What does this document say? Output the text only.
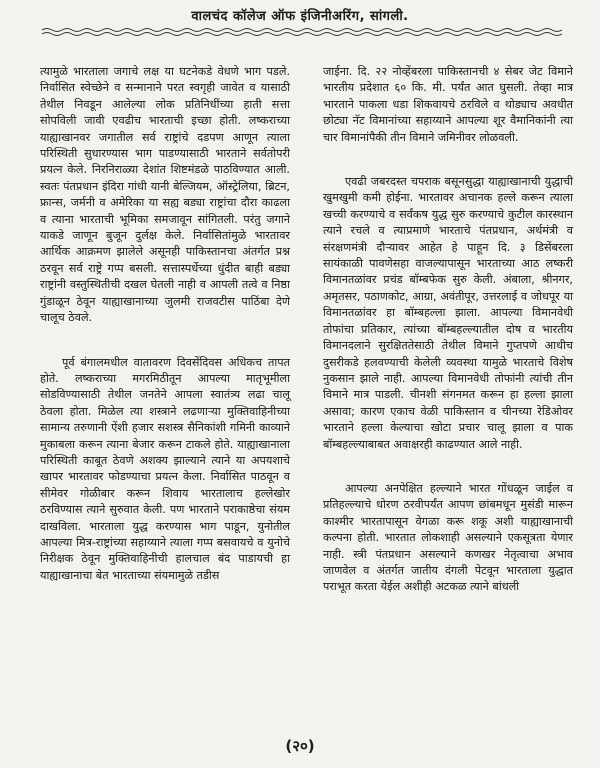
वालचंद कॉलेज ऑफ इंजिनीअरिंग, सांगली.

त्यामुळे भारताला जगाचे लक्ष या घटनेकडे वेधणे भाग पडले. निर्वासित स्वेच्छेने व सन्मानाने परत स्वगृही जावेत व यासाठी तेथील निवडून आलेल्या लोक प्रतिनिधींच्या हाती सत्ता सोपविली जावी एवढीच भारताची इच्छा होती. लष्कराच्या याह्याखानवर जगातील सर्व राष्ट्रांचे दडपण आणून त्याला परिस्थिती सुधारण्यास भाग पाडण्यासाठी भारताने सर्वतोपरी प्रयत्न केले. निरनिराळ्या देशांत शिष्टमंडळे पाठविण्यात आली. स्वतः पंतप्रधान इंदिरा गांधी यानी बेल्जियम, ऑस्ट्रेलिया, ब्रिटन, फ्रान्स, जर्मनी व अमेरिका या सह्य बड्या राष्ट्रांचा दौरा काढला व त्याना भारताची भूमिका समजावून सांगितली. परंतु जगाने याकडे जाणून बुजून दुर्लक्ष केले. निर्वासितांमुळे भारतावर आर्थिक आक्रमण झालेले असूनही पाकिस्तानचा अंतर्गत प्रश्न ठरवून सर्व राष्ट्रे गप्प बसली. सत्तास्पर्धेच्या धुंदीत बाही बड्या राष्ट्रांनी वस्तुस्थितीची दखल घेतली नाही व आपली तत्वे व निष्ठा गुंडाळून ठेवून याह्याखानाच्या जुलमी राजवटीस पाठिंबा देणे चालूच ठेवले.

पूर्व बंगालमधील वातावरण दिवसेंदिवस अधिकच तापत होते. लष्कराच्या मगरमिठीतून आपल्या मातृभूमीला सोडविण्यासाठी तेथील जनतेने आपला स्वातंत्र्य लढा चालू ठेवला होता. मिळेल त्या शस्त्राने लढणाऱ्या मुक्तिवाहिनीच्या सामान्य तरुणानी ऐंशी हजार सशस्त्र सैनिकांशी गमिनी काव्याने मुकाबला करून त्याना बेजार करून टाकले होते. याह्याखानाला परिस्थिती काबूत ठेवणे अशक्य झाल्याने त्याने या अपयशाचे खापर भारतावर फोडण्याचा प्रयत्न केला. निर्वासित पाठवून व सीमेवर गोळीबार करून शिवाय भारतालाच हल्लेखोर ठरविण्यास त्याने सुरुवात केली. पण भारताने पराकाष्ठेचा संयम दाखविला. भारताला युद्ध करण्यास भाग पाडून, युनोतील आपल्या मित्र-राष्ट्रांच्या सहाय्याने त्याला गप्प बसवायचे व युनोचे निरीक्षक ठेवून मुक्तिवाहिनीची हालचाल बंद पाडायची हा याह्याखानाचा बेत भारताच्या संयमामुळे तडीस

जाईना. दि. २२ नोव्हेंबरला पाकिस्तानची ४ सेबर जेट विमाने भारतीय प्रदेशात ६० कि. मी. पर्यंत आत घुसली. तेव्हा मात्र भारताने पाकला धडा शिकवायचे ठरविले व थोड्याच अवधीत छोट्या नॅट विमानांच्या सहाय्याने आपल्या शूर वैमानिकांनी त्या चार विमानांपैकी तीन विमाने जमिनीवर लोळवली.

एवढी जबरदस्त चपराक बसूनसुद्धा याह्याखानाची युद्धाची खुमखुमी कमी होईना. भारतावर अचानक हल्ले करून त्याला खच्ची करण्याचे व सर्वंकष युद्ध सुरु करण्याचे कुटील कारस्थान त्याने रचले व त्याप्रमाणे भारताचे पंतप्रधान, अर्थमंत्री व संरक्षणमंत्री दौऱ्यावर आहेत हे पाहून दि. ३ डिसेंबरला सायंकाळी पावणेसहा वाजल्यापासून भारताच्या आठ लष्करी विमानतळांवर प्रचंड बॉम्बफेक सुरु केली. अंबाला, श्रीनगर, अमृतसर, पठाणकोट, आग्रा, अवंतीपूर, उत्तरलाई व जोधपूर या विमानतळांवर हा बॉम्बहल्ला झाला. आपल्या विमानवेधी तोफांचा प्रतिकार, त्यांच्या बॉम्बहल्ल्यातील दोष व भारतीय विमानदलाने सुरक्षिततेसाठी तेथील विमाने गुप्तपणे आधीच दुसरीकडे हलवण्याची केलेली व्यवस्था यामुळे भारताचे विशेष नुकसान झाले नाही. आपल्या विमानवेधी तोफांनी त्यांची तीन विमाने मात्र पाडली. चीनशी संगनमत करून हा हल्ला झाला असावा; कारण एकाच वेळी पाकिस्तान व चीनच्या रेडिओवर भारताने हल्ला केल्याचा खोटा प्रचार चालू झाला व पाक बॉम्बहल्ल्याबाबत अवाक्षरही काढण्यात आले नाही.

आपल्या अनपेक्षित हल्ल्याने भारत गोंधळून जाईल व प्रतिहल्ल्याचे धोरण ठरवीपर्यंत आपण छांबमधून मुसंडी मारून काश्मीर भारतापासून वेगळा करू शकू अशी याह्याखानाची कल्पना होती. भारतात लोकशाही असल्याने एकसूत्रता येणार नाही. स्त्री पंतप्रधान असल्याने कणखर नेतृत्वाचा अभाव जाणवेल व अंतर्गत जातीय दंगली पेटवून भारताला युद्धात पराभूत करता येईल अशीही अटकळ त्याने बांधली

(२०)
